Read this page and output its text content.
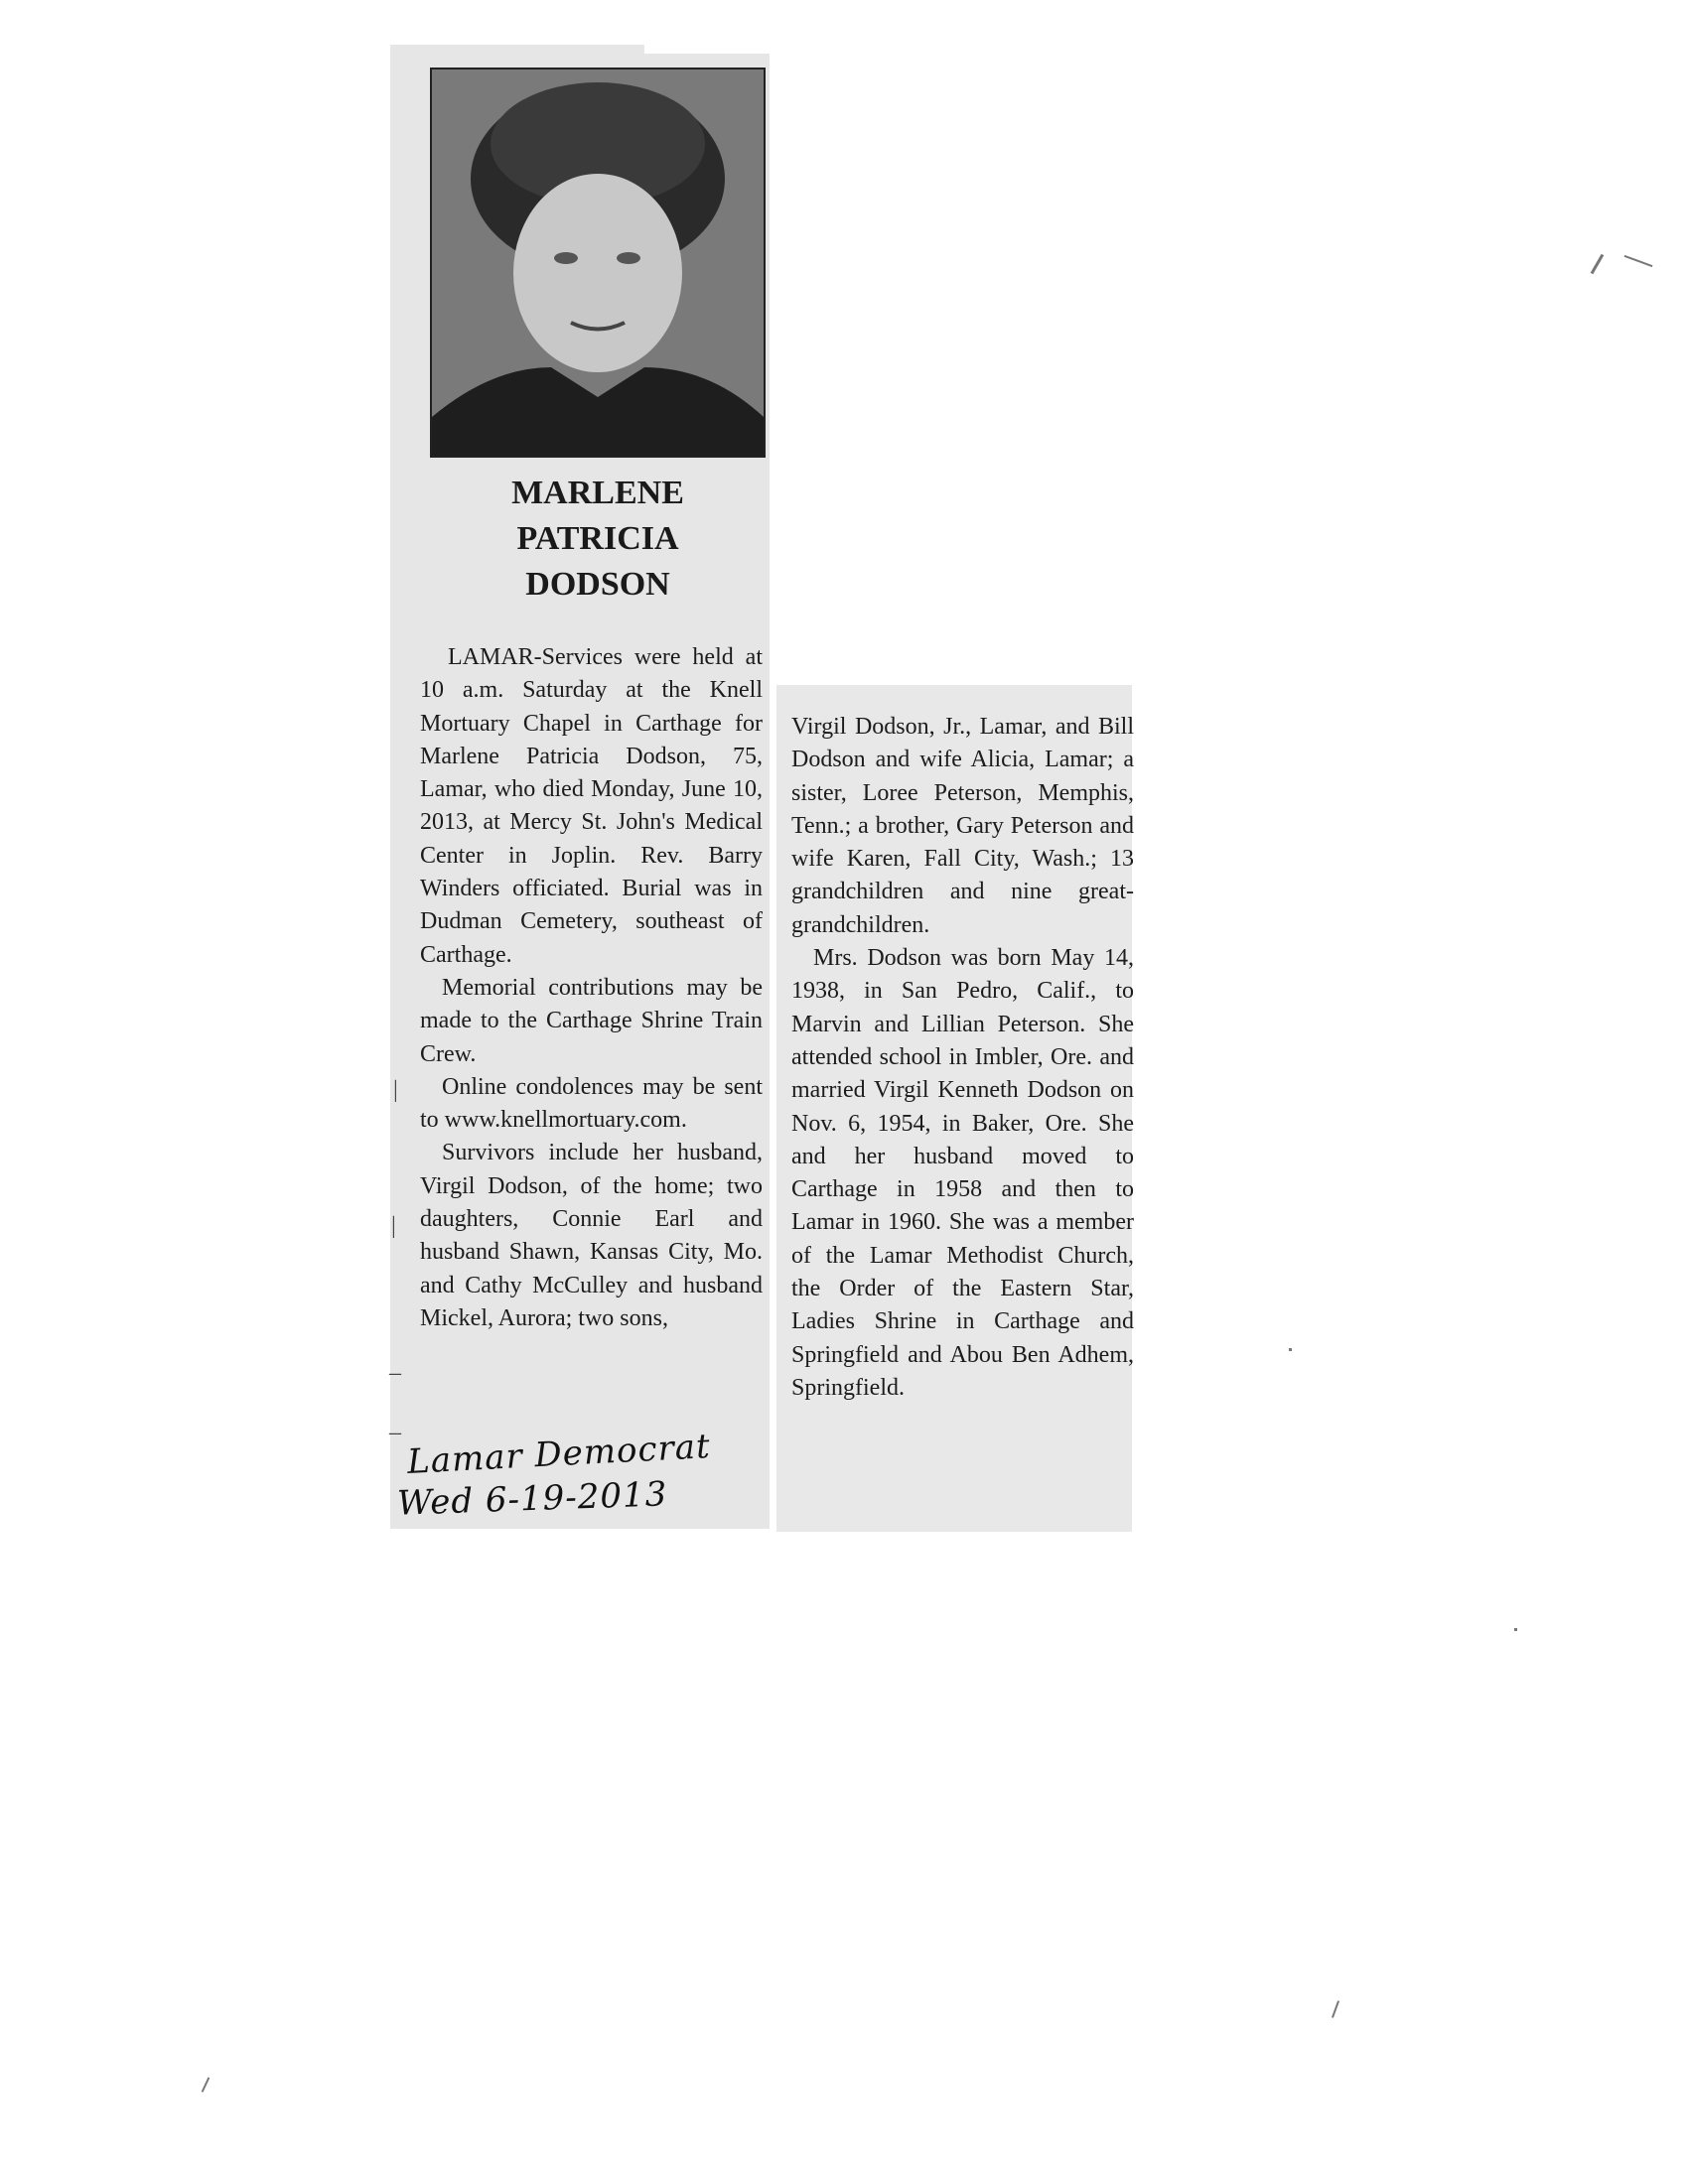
MARLENE
PATRICIA
DODSON

LAMAR-Services were held at 10 a.m. Saturday at the Knell Mortuary Chapel in Carthage for Marlene Patricia Dodson, 75, Lamar, who died Monday, June 10, 2013, at Mercy St. John's Medical Center in Joplin. Rev. Barry Winders officiated. Burial was in Dudman Cemetery, southeast of Carthage.

Memorial contributions may be made to the Carthage Shrine Train Crew.

Online condolences may be sent to www.knellmortuary.com.

Survivors include her husband, Virgil Dodson, of the home; two daughters, Connie Earl and husband Shawn, Kansas City, Mo. and Cathy McCulley and husband Mickel, Aurora; two sons,

Virgil Dodson, Jr., Lamar, and Bill Dodson and wife Alicia, Lamar; a sister, Loree Peterson, Memphis, Tenn.; a brother, Gary Peterson and wife Karen, Fall City, Wash.; 13 grandchildren and nine great-grandchildren.

Mrs. Dodson was born May 14, 1938, in San Pedro, Calif., to Marvin and Lillian Peterson. She attended school in Imbler, Ore. and married Virgil Kenneth Dodson on Nov. 6, 1954, in Baker, Ore. She and her husband moved to Carthage in 1958 and then to Lamar in 1960. She was a member of the Lamar Methodist Church, the Order of the Eastern Star, Ladies Shrine in Carthage and Springfield and Abou Ben Adhem, Springfield.

Lamar Democrat
Wed 6-19-2013
|
|
_
_
